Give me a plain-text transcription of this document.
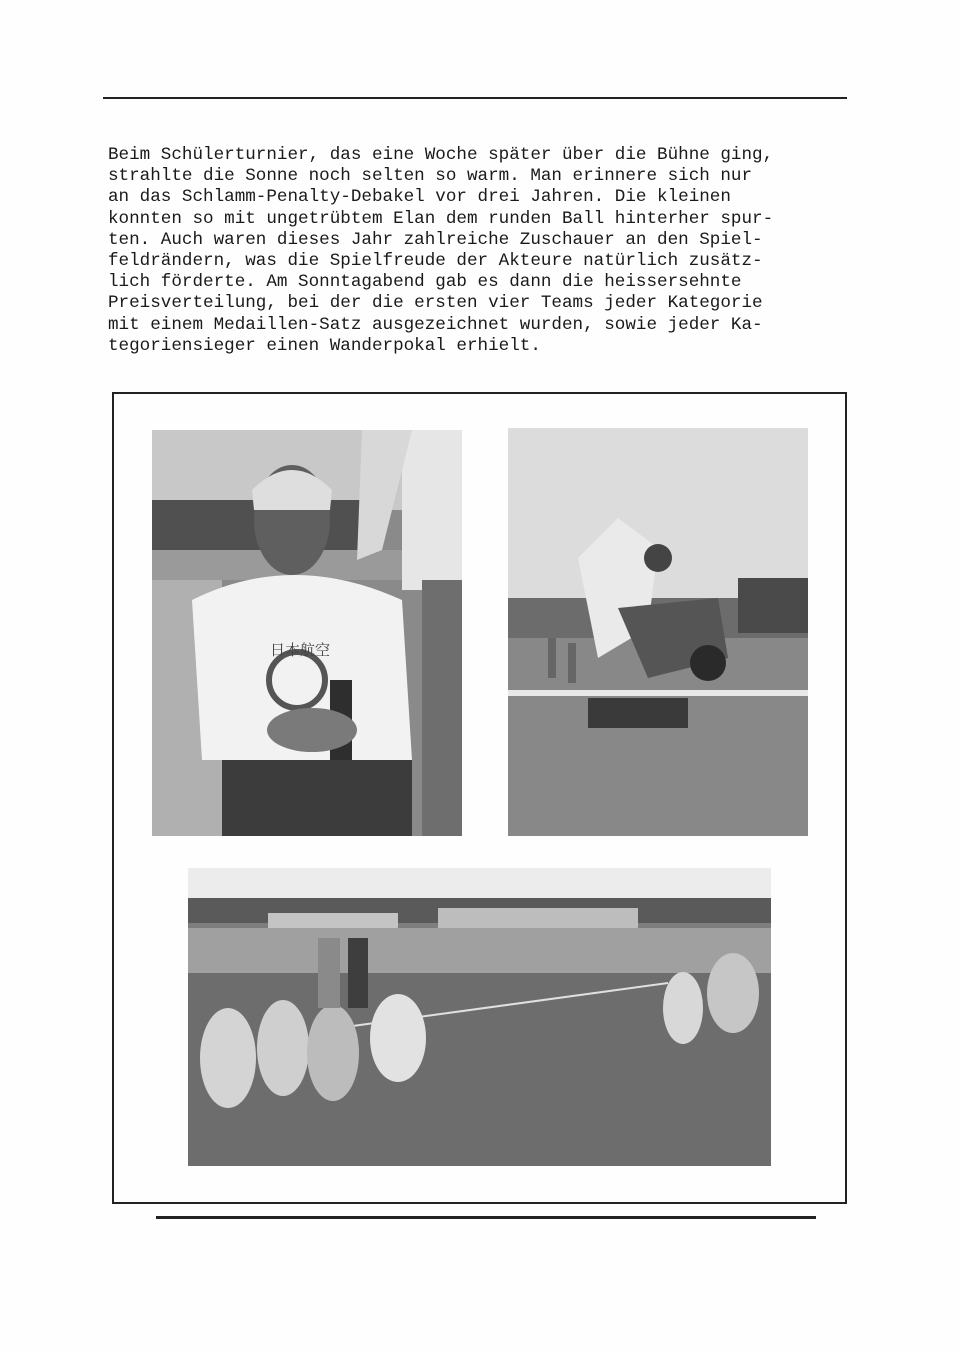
Beim Schülerturnier, das eine Woche später über die Bühne ging,
strahlte die Sonne noch selten so warm. Man erinnere sich nur
an das Schlamm-Penalty-Debakel vor drei Jahren. Die kleinen
konnten so mit ungetrübtem Elan dem runden Ball hinterher spur-
ten. Auch waren dieses Jahr zahlreiche Zuschauer an den Spiel-
feldrändern, was die Spielfreude der Akteure natürlich zusätz-
lich förderte. Am Sonntagabend gab es dann die heissersehnte
Preisverteilung, bei der die ersten vier Teams jeder Kategorie
mit einem Medaillen-Satz ausgezeichnet wurden, sowie jeder Ka-
tegoriensieger einen Wanderpokal erhielt.
日本航空
